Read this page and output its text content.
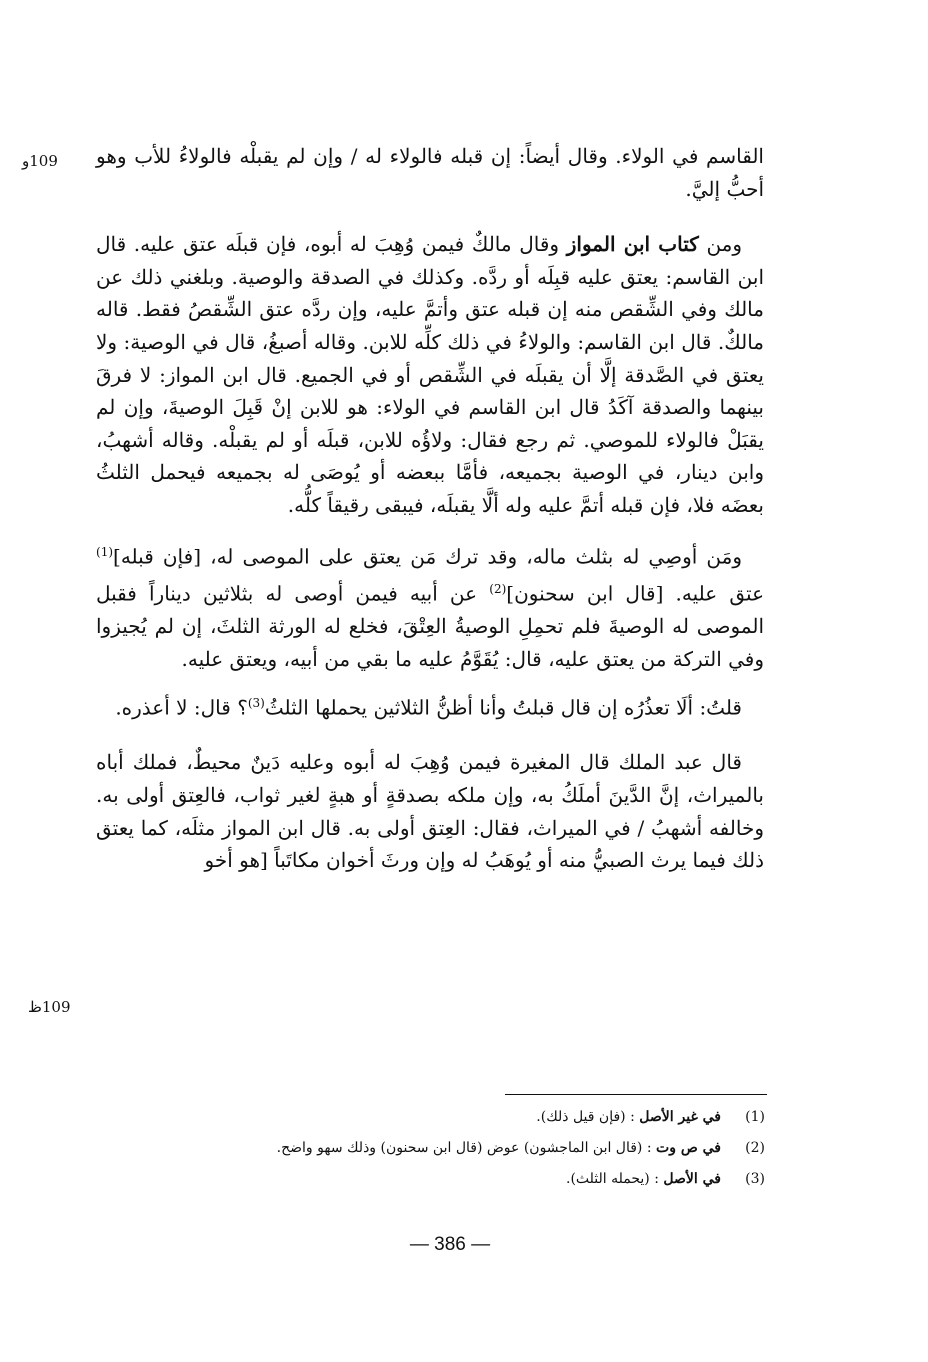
109و
109ظ

القاسم في الولاء. وقال أيضاً: إن قبله فالولاء له / وإن لم يقبلْه فالولاءُ للأب وهو أحبُّ إليَّ.

ومن كتاب ابن المواز وقال مالكٌ فيمن وُهِبَ له أبوه، فإن قبلَه عتق عليه. قال ابن القاسم: يعتق عليه قبِلَه أو ردَّه. وكذلك في الصدقة والوصية. وبلغني ذلك عن مالك وفي الشِّقص منه إن قبله عتق وأتمَّ عليه، وإن ردَّه عتق الشِّقصُ فقط. قاله مالكٌ. قال ابن القاسم: والولاءُ في ذلك كلِّه للابن. وقاله أصبغُ، قال في الوصية: ولا يعتق في الصَّدقة إلَّا أن يقبلَه في الشِّقص أو في الجميع. قال ابن المواز: لا فرقَ بينهما والصدقة آكَدُ قال ابن القاسم في الولاء: هو للابن إنْ قَبِلَ الوصيةَ، وإن لم يقبَلْ فالولاء للموصي. ثم رجع فقال: ولاؤُه للابن، قبلَه أو لم يقبلْه. وقاله أشهبُ، وابن دينار، في الوصية بجميعه، فأمَّا ببعضه أو يُوصَى له بجميعه فيحمل الثلثُ بعضَه فلا، فإن قبله أتمَّ عليه وله ألَّا يقبلَه، فيبقى رقيقاً كلُّه.

ومَن أوصِي له بثلث ماله، وقد ترك مَن يعتق على الموصى له، [فإن قبله]$^{(1)}$ عتق عليه. [قال ابن سحنون]$^{(2)}$ عن أبيه فيمن أوصى له بثلاثين ديناراً فقبل الموصى له الوصيةَ فلم تحمِلِ الوصيةُ العِتْقَ، فخلع له الورثة الثلثَ، إن لم يُجيزوا وفي التركة من يعتق عليه، قال: يُقَوَّمُ عليه ما بقي من أبيه، ويعتق عليه.

قلتُ: ألَا تعذُرُه إن قال قبلتُ وأنا أظنُّ الثلاثين يحملها الثلثُ$^{(3)}$؟ قال: لا أعذره.

قال عبد الملك قال المغيرة فيمن وُهِبَ له أبوه وعليه دَينٌ محيطٌ، فملك أباه بالميراث، إنَّ الدَّينَ أملَكُ به، وإن ملكه بصدقةٍ أو هبةٍ لغير ثواب، فالعِتق أولى به. وخالفه أشهبُ / في الميراث، فقال: العِتق أولى به. قال ابن المواز مثلَه، كما يعتق ذلك فيما يرث الصبيُّ منه أو يُوهَبُ له وإن ورثَ أخوان مكاتَباً [هو أخو

(1)
في غير الأصل : (فإن قيل ذلك).
(2)
في ص وت : (قال ابن الماجشون) عوض (قال ابن سحنون) وذلك سهو واضح.
(3)
في الأصل : (يحمله الثلث).
— 386 —
